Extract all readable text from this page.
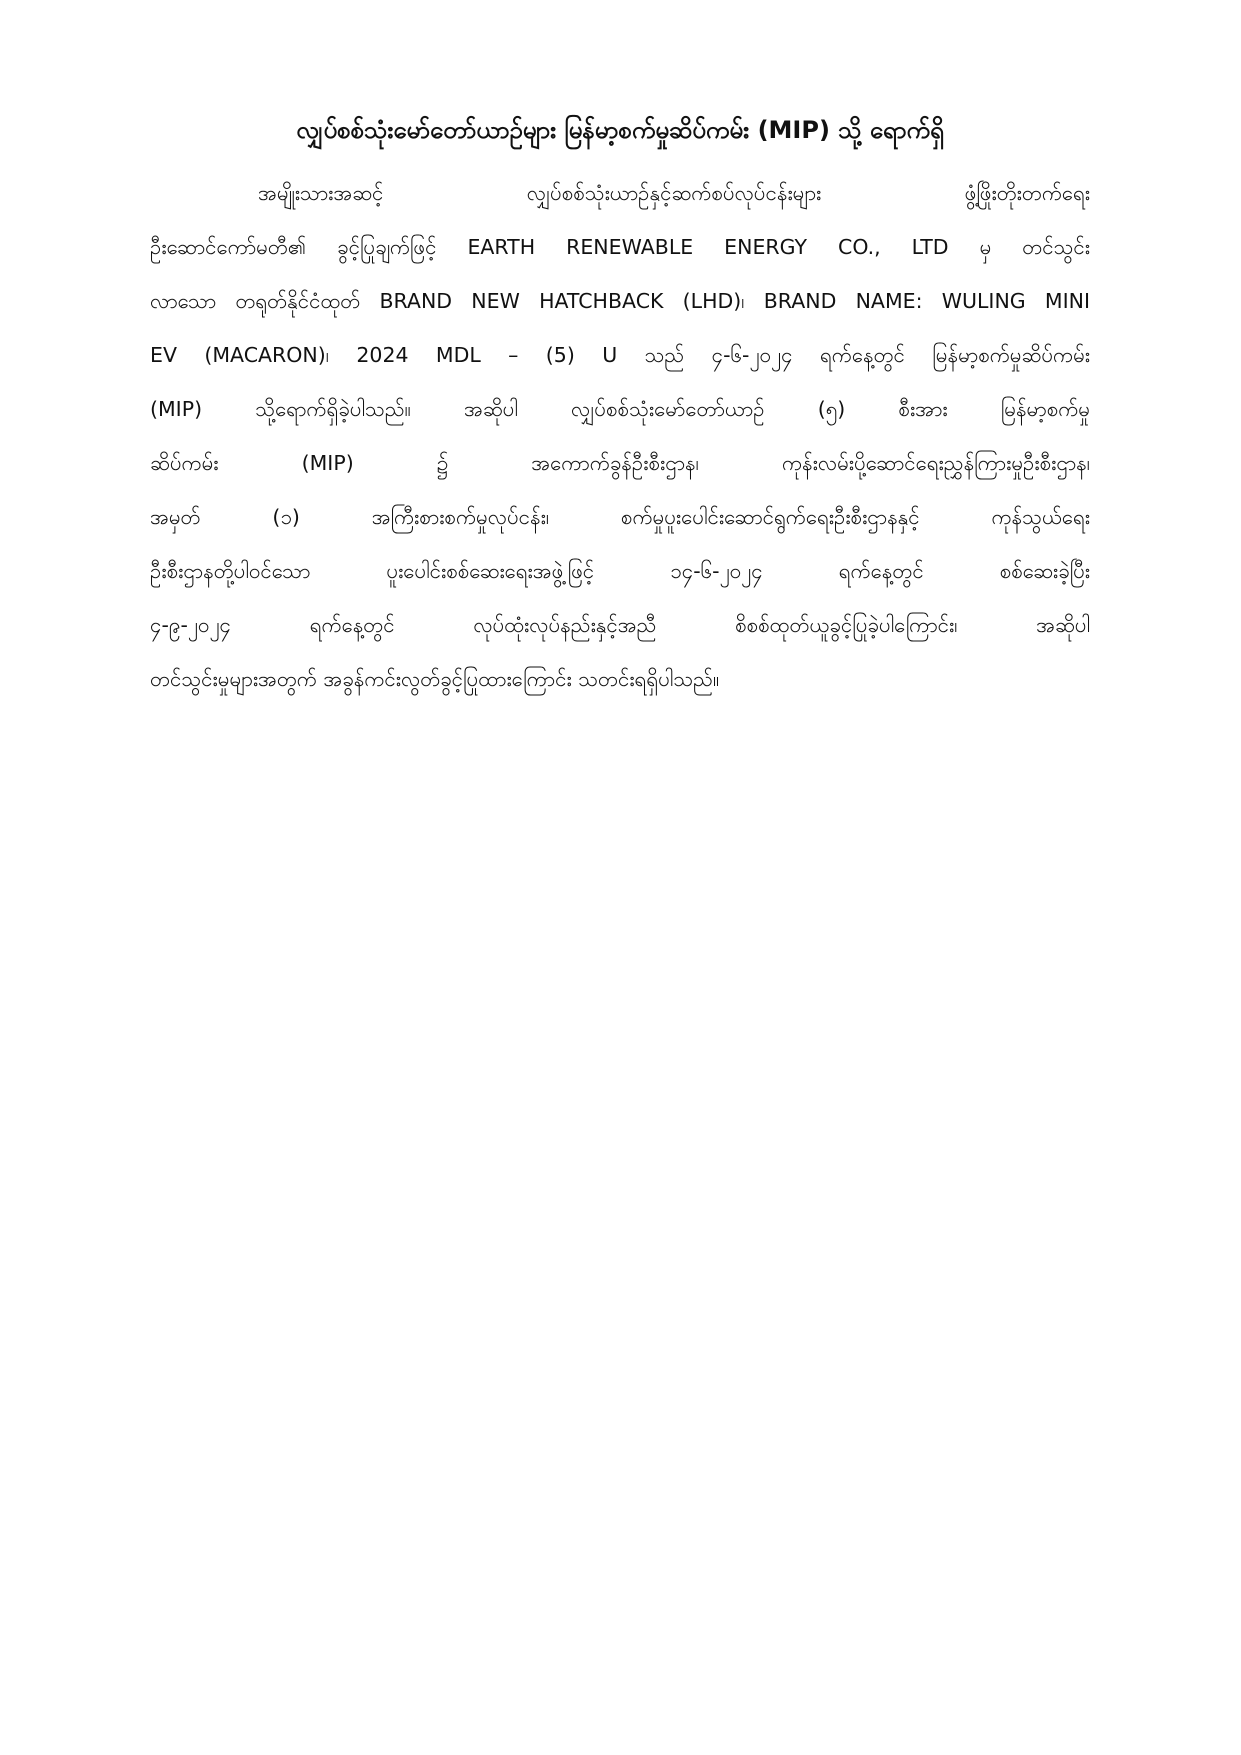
လျှပ်စစ်သုံးမော်တော်ယာဉ်များ မြန်မာ့စက်မှုဆိပ်ကမ်း (MIP) သို့ ရောက်ရှိ
အမျိုးသားအဆင့် လျှပ်စစ်သုံးယာဉ်နှင့်ဆက်စပ်လုပ်ငန်းများ ဖွံ့ဖြိုးတိုးတက်ရေး
ဦးဆောင်ကော်မတီ၏ ခွင့်ပြုချက်ဖြင့် EARTH RENEWABLE ENERGY CO., LTD မှ တင်သွင်း
လာသော တရုတ်နိုင်ငံထုတ် BRAND NEW HATCHBACK (LHD)၊ BRAND NAME: WULING MINI
EV (MACARON)၊ 2024 MDL – (5) U သည် ၄-၆-၂၀၂၄ ရက်နေ့တွင် မြန်မာ့စက်မှုဆိပ်ကမ်း
(MIP) သို့ရောက်ရှိခဲ့ပါသည်။ အဆိုပါ လျှပ်စစ်သုံးမော်တော်ယာဉ် (၅) စီးအား မြန်မာ့စက်မှု
ဆိပ်ကမ်း (MIP) ၌ အကောက်ခွန်ဦးစီးဌာန၊ ကုန်းလမ်းပို့ဆောင်ရေးညွှန်ကြားမှုဦးစီးဌာန၊
အမှတ် (၁) အကြီးစားစက်မှုလုပ်ငန်း၊ စက်မှုပူးပေါင်းဆောင်ရွက်ရေးဦးစီးဌာနနှင့် ကုန်သွယ်ရေး
ဦးစီးဌာနတို့ပါဝင်သော ပူးပေါင်းစစ်ဆေးရေးအဖွဲ့ဖြင့် ၁၄-၆-၂၀၂၄ ရက်နေ့တွင် စစ်ဆေးခဲ့ပြီး
၄-၉-၂၀၂၄ ရက်နေ့တွင် လုပ်ထုံးလုပ်နည်းနှင့်အညီ စိစစ်ထုတ်ယူခွင့်ပြုခဲ့ပါကြောင်း၊ အဆိုပါ
တင်သွင်းမှုများအတွက် အခွန်ကင်းလွတ်ခွင့်ပြုထားကြောင်း သတင်းရရှိပါသည်။
